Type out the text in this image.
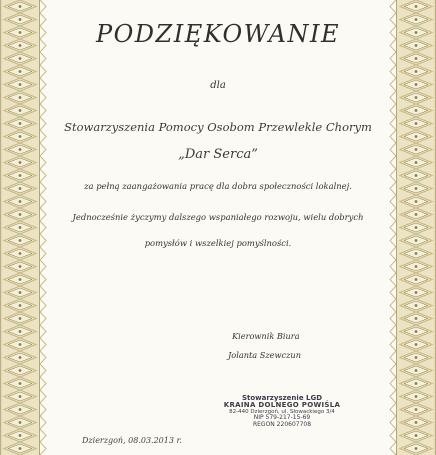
PODZIĘKOWANIE
dla
Stowarzyszenia Pomocy Osobom Przewlekle Chorym
„Dar Serca”
za pełną zaangażowania pracę dla dobra społeczności lokalnej.
Jednocześnie życzymy dalszego wspaniałego rozwoju, wielu dobrych
pomysłów i wszelkiej pomyślności.
Kierownik Biura
Jolanta Szewczun
Stowarzyszenie LGD
KRAINA DOLNEGO POWIŚLA
82-440 Dzierzgoń, ul. Słowackiego 3/4
NIP 579-217-15-69
REGON 220607708
Dzierzgoń, 08.03.2013 r.
